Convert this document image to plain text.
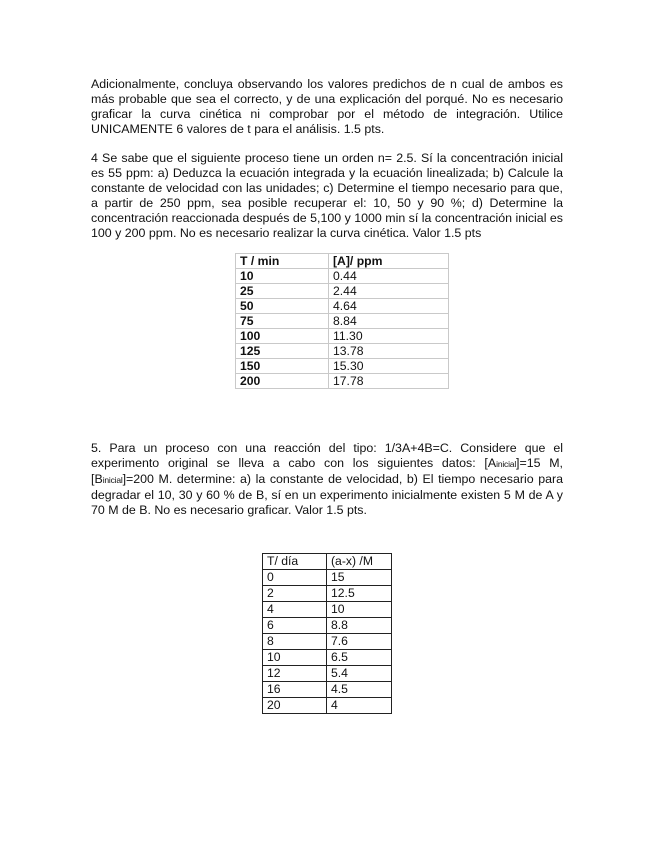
Adicionalmente, concluya observando los valores predichos de n cual de ambos es más probable que sea el correcto, y de una explicación del porqué. No es necesario graficar la curva cinética ni comprobar por el método de integración. Utilice UNICAMENTE 6 valores de t para el análisis. 1.5 pts.

4 Se sabe que el siguiente proceso tiene un orden n= 2.5. Sí la concentración inicial es 55 ppm: a) Deduzca la ecuación integrada y la ecuación linealizada; b) Calcule la constante de velocidad con las unidades; c) Determine el tiempo necesario para que, a partir de 250 ppm, sea posible recuperar el: 10, 50 y 90 %; d) Determine la concentración reaccionada después de 5,100 y 1000 min sí la concentración inicial es 100 y 200 ppm. No es necesario realizar la curva cinética. Valor 1.5 pts

T / min	[A]/ ppm
10	0.44
25	2.44
50	4.64
75	8.84
100	11.30
125	13.78
150	15.30
200	17.78

5. Para un proceso con una reacción del tipo: 1/3A+4B=C. Considere que el experimento original se lleva a cabo con los siguientes datos: [Ainicial]=15 M, [Binicial]=200 M. determine: a) la constante de velocidad, b) El tiempo necesario para degradar el 10, 30 y 60 % de B, sí en un experimento inicialmente existen 5 M de A y 70 M de B. No es necesario graficar. Valor 1.5 pts.

T/ día	(a-x) /M
0	15
2	12.5
4	10
6	8.8
8	7.6
10	6.5
12	5.4
16	4.5
20	4
